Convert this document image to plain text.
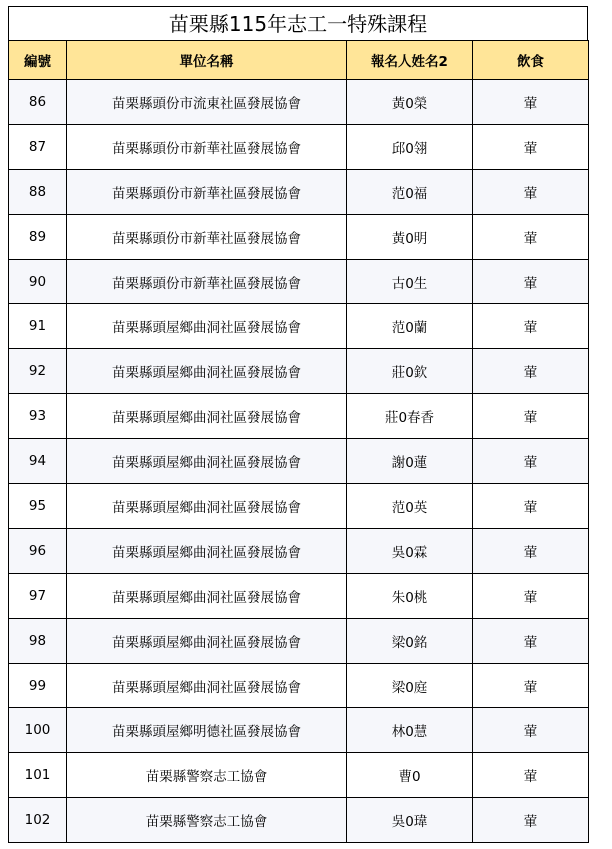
苗栗縣115年志工一特殊課程
編號	單位名稱	報名人姓名2	飲食
86	苗栗縣頭份市流東社區發展協會	黃0榮	葷
87	苗栗縣頭份市新華社區發展協會	邱0翎	葷
88	苗栗縣頭份市新華社區發展協會	范0福	葷
89	苗栗縣頭份市新華社區發展協會	黃0明	葷
90	苗栗縣頭份市新華社區發展協會	古0生	葷
91	苗栗縣頭屋鄉曲洞社區發展協會	范0蘭	葷
92	苗栗縣頭屋鄉曲洞社區發展協會	莊0欽	葷
93	苗栗縣頭屋鄉曲洞社區發展協會	莊0春香	葷
94	苗栗縣頭屋鄉曲洞社區發展協會	謝0蓮	葷
95	苗栗縣頭屋鄉曲洞社區發展協會	范0英	葷
96	苗栗縣頭屋鄉曲洞社區發展協會	吳0霖	葷
97	苗栗縣頭屋鄉曲洞社區發展協會	朱0桃	葷
98	苗栗縣頭屋鄉曲洞社區發展協會	梁0銘	葷
99	苗栗縣頭屋鄉曲洞社區發展協會	梁0庭	葷
100	苗栗縣頭屋鄉明德社區發展協會	林0慧	葷
101	苗栗縣警察志工協會	曹0	葷
102	苗栗縣警察志工協會	吳0瑋	葷
